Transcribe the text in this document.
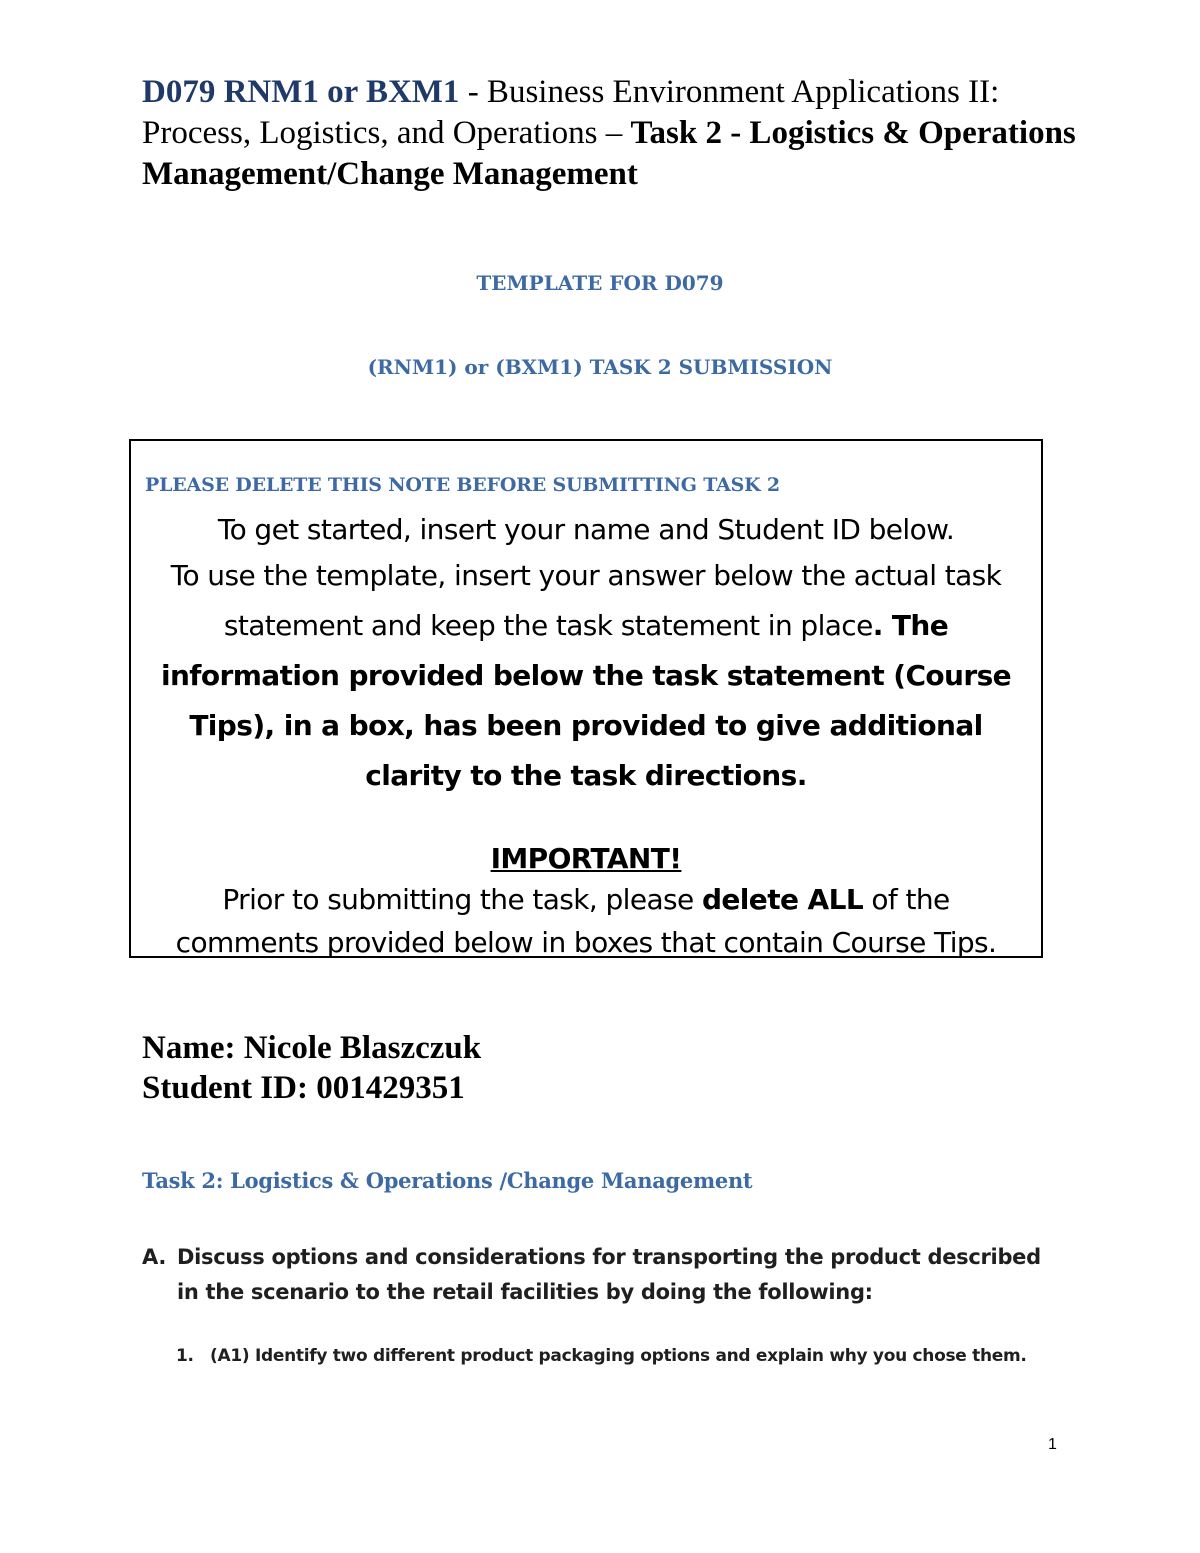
D079 RNM1 or BXM1 - Business Environment Applications II: Process, Logistics, and Operations – Task 2 - Logistics & Operations Management/Change Management
TEMPLATE FOR D079
(RNM1) or (BXM1) TASK 2 SUBMISSION
PLEASE DELETE THIS NOTE BEFORE SUBMITTING TASK 2
To get started, insert your name and Student ID below.
To use the template, insert your answer below the actual task
statement and keep the task statement in place. The
information provided below the task statement (Course
Tips), in a box, has been provided to give additional
clarity to the task directions.

IMPORTANT!
Prior to submitting the task, please delete ALL of the
comments provided below in boxes that contain Course Tips.
Name: Nicole Blaszczuk
Student ID: 001429351
Task 2: Logistics & Operations /Change Management
A. Discuss options and considerations for transporting the product described in the scenario to the retail facilities by doing the following:
1. (A1) Identify two different product packaging options and explain why you chose them.
1
